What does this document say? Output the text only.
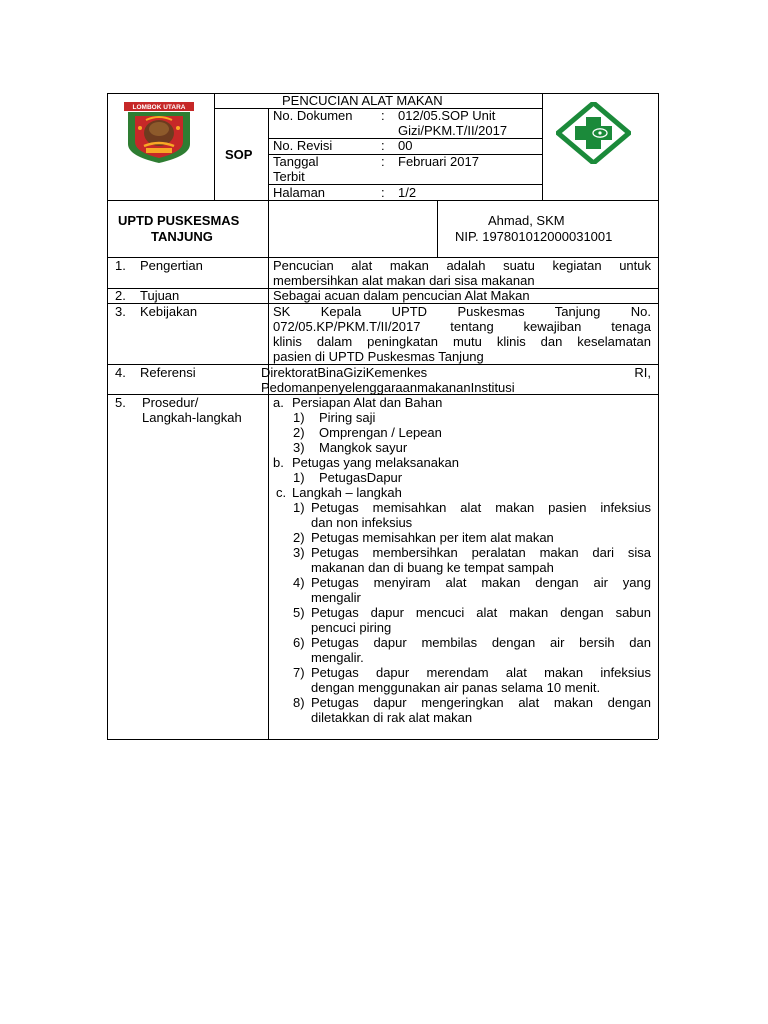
LOMBOK UTARA
SOP
PENCUCIAN ALAT MAKAN
No. Dokumen : 012/05.SOP Unit
Gizi/PKM.T/II/2017
No. Revisi	: 00
Tanggal
Terbit
: Februari 2017
Halaman	: 1/2
UPTD PUSKESMAS
TANJUNG
Ahmad, SKM
NIP. 197801012000031001
1. Pengertian	Pencucian alat makan adalah suatu kegiatan untuk
membersihkan alat makan dari sisa makanan
2. Tujuan	Sebagai acuan dalam pencucian Alat Makan
3. Kebijakan	SK Kepala UPTD Puskesmas Tanjung No.
072/05.KP/PKM.T/II/2017 tentang kewajiban tenaga
klinis dalam peningkatan mutu klinis dan keselamatan
pasien di UPTD Puskesmas Tanjung
4. Referensi	DirektoratBinaGiziKemenkes RI,
PedomanpenyelenggaraanmakananInstitusi
5. Prosedur/
Langkah-langkah
a. Persiapan Alat dan Bahan
1) Piring saji
2) Omprengan / Lepean
3) Mangkok sayur
b. Petugas yang melaksanakan
1) PetugasDapur
c. Langkah – langkah
1) Petugas memisahkan alat makan pasien infeksius
dan non infeksius
2) Petugas memisahkan per item alat makan
3) Petugas membersihkan peralatan makan dari sisa
makanan dan di buang ke tempat sampah
4) Petugas menyiram alat makan dengan air yang
mengalir
5) Petugas dapur mencuci alat makan dengan sabun
pencuci piring
6) Petugas dapur membilas dengan air bersih dan
mengalir.
7) Petugas dapur merendam alat makan infeksius
dengan menggunakan air panas selama 10 menit.
8) Petugas dapur mengeringkan alat makan dengan
diletakkan di rak alat makan
